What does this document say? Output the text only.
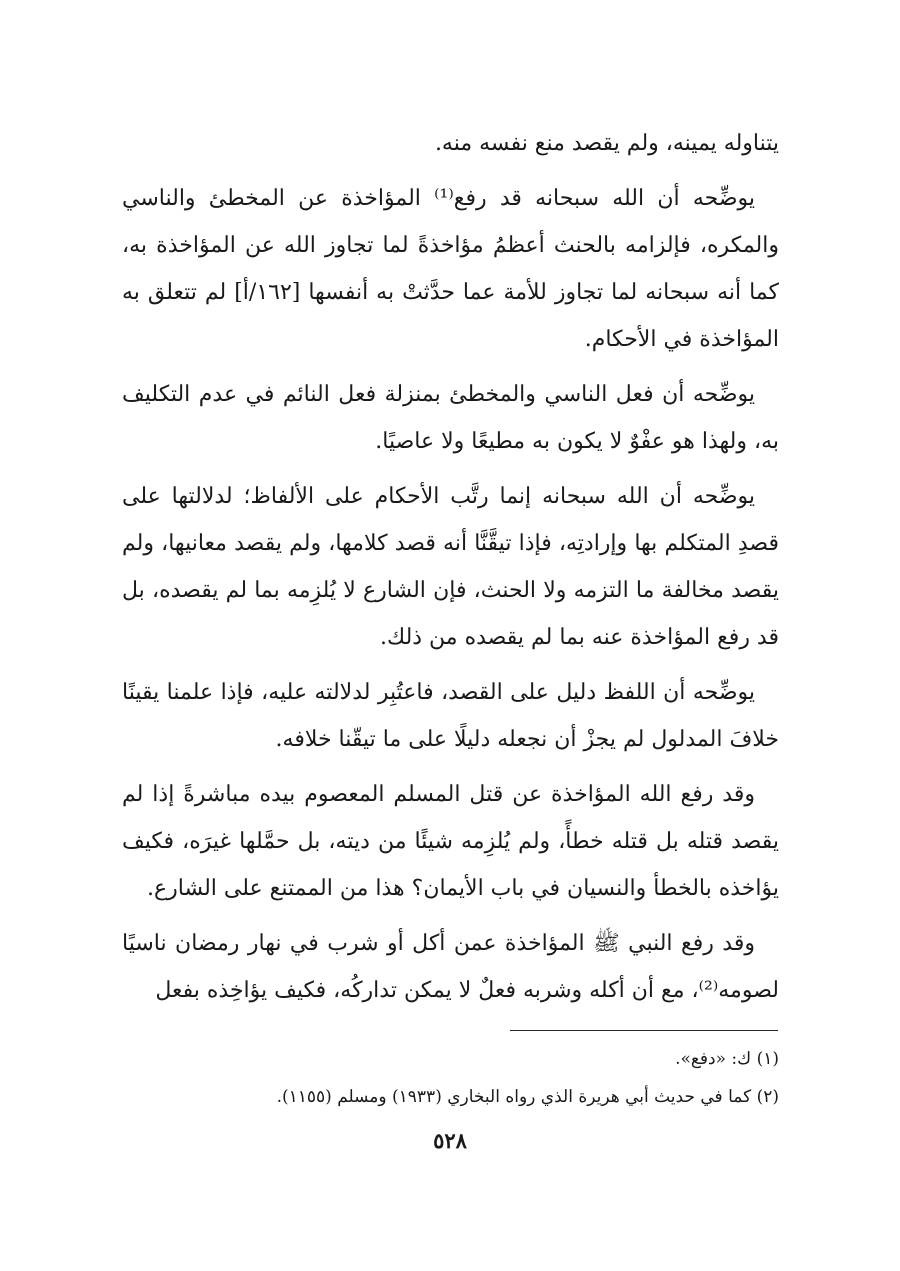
يتناوله يمينه، ولم يقصد منع نفسه منه.

يوضِّحه أن الله سبحانه قد رفع⁽¹⁾ المؤاخذة عن المخطئ والناسي والمكره، فإلزامه بالحنث أعظمُ مؤاخذةً لما تجاوز الله عن المؤاخذة به، كما أنه سبحانه لما تجاوز للأمة عما حدَّثتْ به أنفسها [١٦٢/أ] لم تتعلق به المؤاخذة في الأحكام.

يوضِّحه أن فعل الناسي والمخطئ بمنزلة فعل النائم في عدم التكليف به، ولهذا هو عفْوٌ لا يكون به مطيعًا ولا عاصيًا.

يوضِّحه أن الله سبحانه إنما رتَّب الأحكام على الألفاظ؛ لدلالتها على قصدِ المتكلم بها وإرادتِه، فإذا تيقَّنَّا أنه قصد كلامها، ولم يقصد معانيها، ولم يقصد مخالفة ما التزمه ولا الحنث، فإن الشارع لا يُلزِمه بما لم يقصده، بل قد رفع المؤاخذة عنه بما لم يقصده من ذلك.

يوضِّحه أن اللفظ دليل على القصد، فاعتُبِر لدلالته عليه، فإذا علمنا يقينًا خلافَ المدلول لم يجزْ أن نجعله دليلًا على ما تيقّنا خلافه.

وقد رفع الله المؤاخذة عن قتل المسلم المعصوم بيده مباشرةً إذا لم يقصد قتله بل قتله خطأً، ولم يُلزِمه شيئًا من ديته، بل حمَّلها غيرَه، فكيف يؤاخذه بالخطأ والنسيان في باب الأيمان؟ هذا من الممتنع على الشارع.

وقد رفع النبي ﷺ المؤاخذة عمن أكل أو شرب في نهار رمضان ناسيًا لصومه⁽²⁾، مع أن أكله وشربه فعلٌ لا يمكن تداركُه، فكيف يؤاخِذه بفعل

(١) ك: «دفع».

(٢) كما في حديث أبي هريرة الذي رواه البخاري (١٩٣٣) ومسلم (١١٥٥).

٥٢٨
